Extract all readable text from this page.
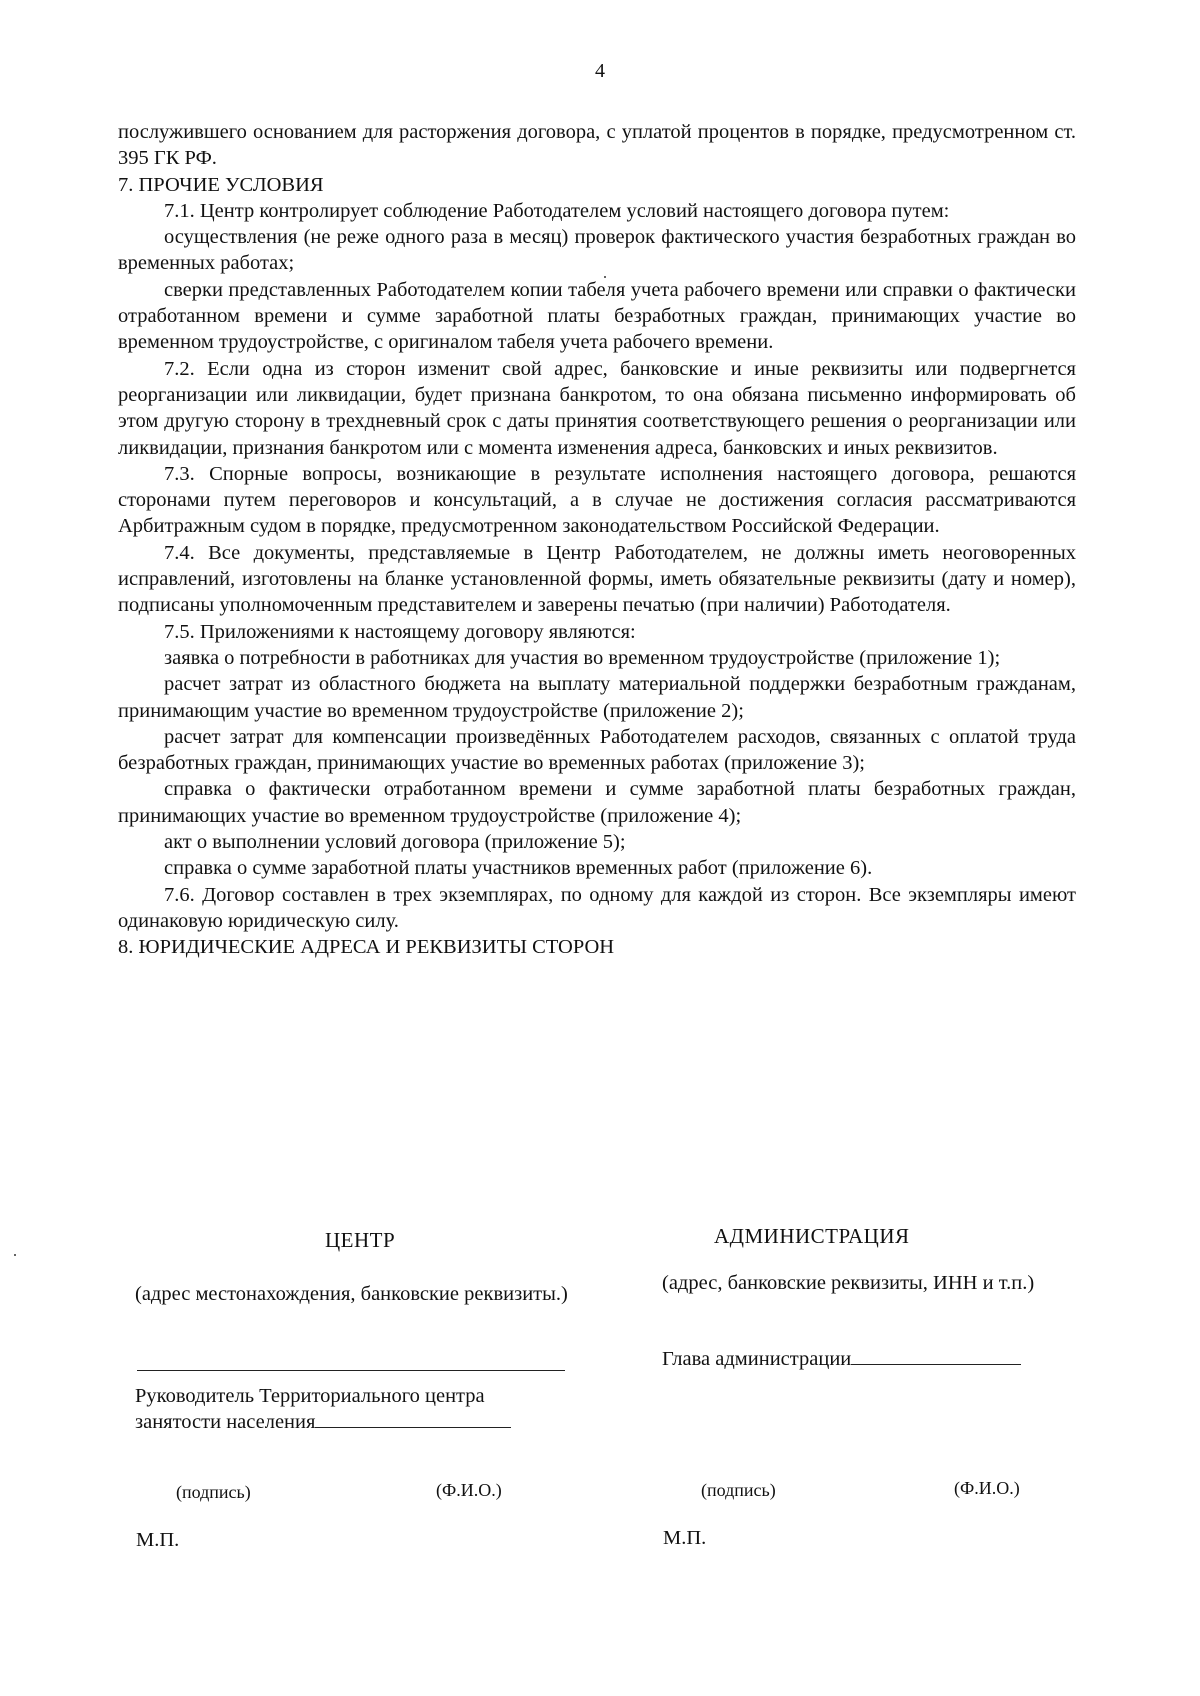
4

послужившего основанием для расторжения договора, с уплатой процентов в порядке, предусмотренном ст. 395 ГК РФ.

7. ПРОЧИЕ УСЛОВИЯ

7.1. Центр контролирует соблюдение Работодателем условий настоящего договора путем:

осуществления (не реже одного раза в месяц) проверок фактического участия безработных граждан во временных работах;

сверки представленных Работодателем копии табеля учета рабочего времени или справки о фактически отработанном времени и сумме заработной платы безработных граждан, принимающих участие во временном трудоустройстве, с оригиналом табеля учета рабочего времени.

7.2. Если одна из сторон изменит свой адрес, банковские и иные реквизиты или подвергнется реорганизации или ликвидации, будет признана банкротом, то она обязана письменно информировать об этом другую сторону в трехдневный срок с даты принятия соответствующего решения о реорганизации или ликвидации, признания банкротом или с момента изменения адреса, банковских и иных реквизитов.

7.3. Спорные вопросы, возникающие в результате исполнения настоящего договора, решаются сторонами путем переговоров и консультаций, а в случае не достижения согласия рассматриваются Арбитражным судом в порядке, предусмотренном законодательством Российской Федерации.

7.4. Все документы, представляемые в Центр Работодателем, не должны иметь неоговоренных исправлений, изготовлены на бланке установленной формы, иметь обязательные реквизиты (дату и номер), подписаны уполномоченным представителем и заверены печатью (при наличии) Работодателя.

7.5. Приложениями к настоящему договору являются:

заявка о потребности в работниках для участия во временном трудоустройстве (приложение 1);

расчет затрат из областного бюджета на выплату материальной поддержки безработным гражданам, принимающим участие во временном трудоустройстве (приложение 2);

расчет затрат для компенсации произведённых Работодателем расходов, связанных с оплатой труда безработных граждан, принимающих участие во временных работах (приложение 3);

справка о фактически отработанном времени и сумме заработной платы безработных граждан, принимающих участие во временном трудоустройстве (приложение 4);

акт о выполнении условий договора (приложение 5);

справка о сумме заработной платы участников временных работ (приложение 6).

7.6. Договор составлен в трех экземплярах, по одному для каждой из сторон. Все экземпляры имеют одинаковую юридическую силу.

8. ЮРИДИЧЕСКИЕ АДРЕСА И РЕКВИЗИТЫ СТОРОН

ЦЕНТР
(адрес местонахождения, банковские реквизиты.)
Руководитель Территориального центра
занятости населения
(подпись)	(Ф.И.О.)
М.П.
АДМИНИСТРАЦИЯ
(адрес, банковские реквизиты, ИНН и т.п.)
Глава администрации
(подпись)	(Ф.И.О.)
М.П.
